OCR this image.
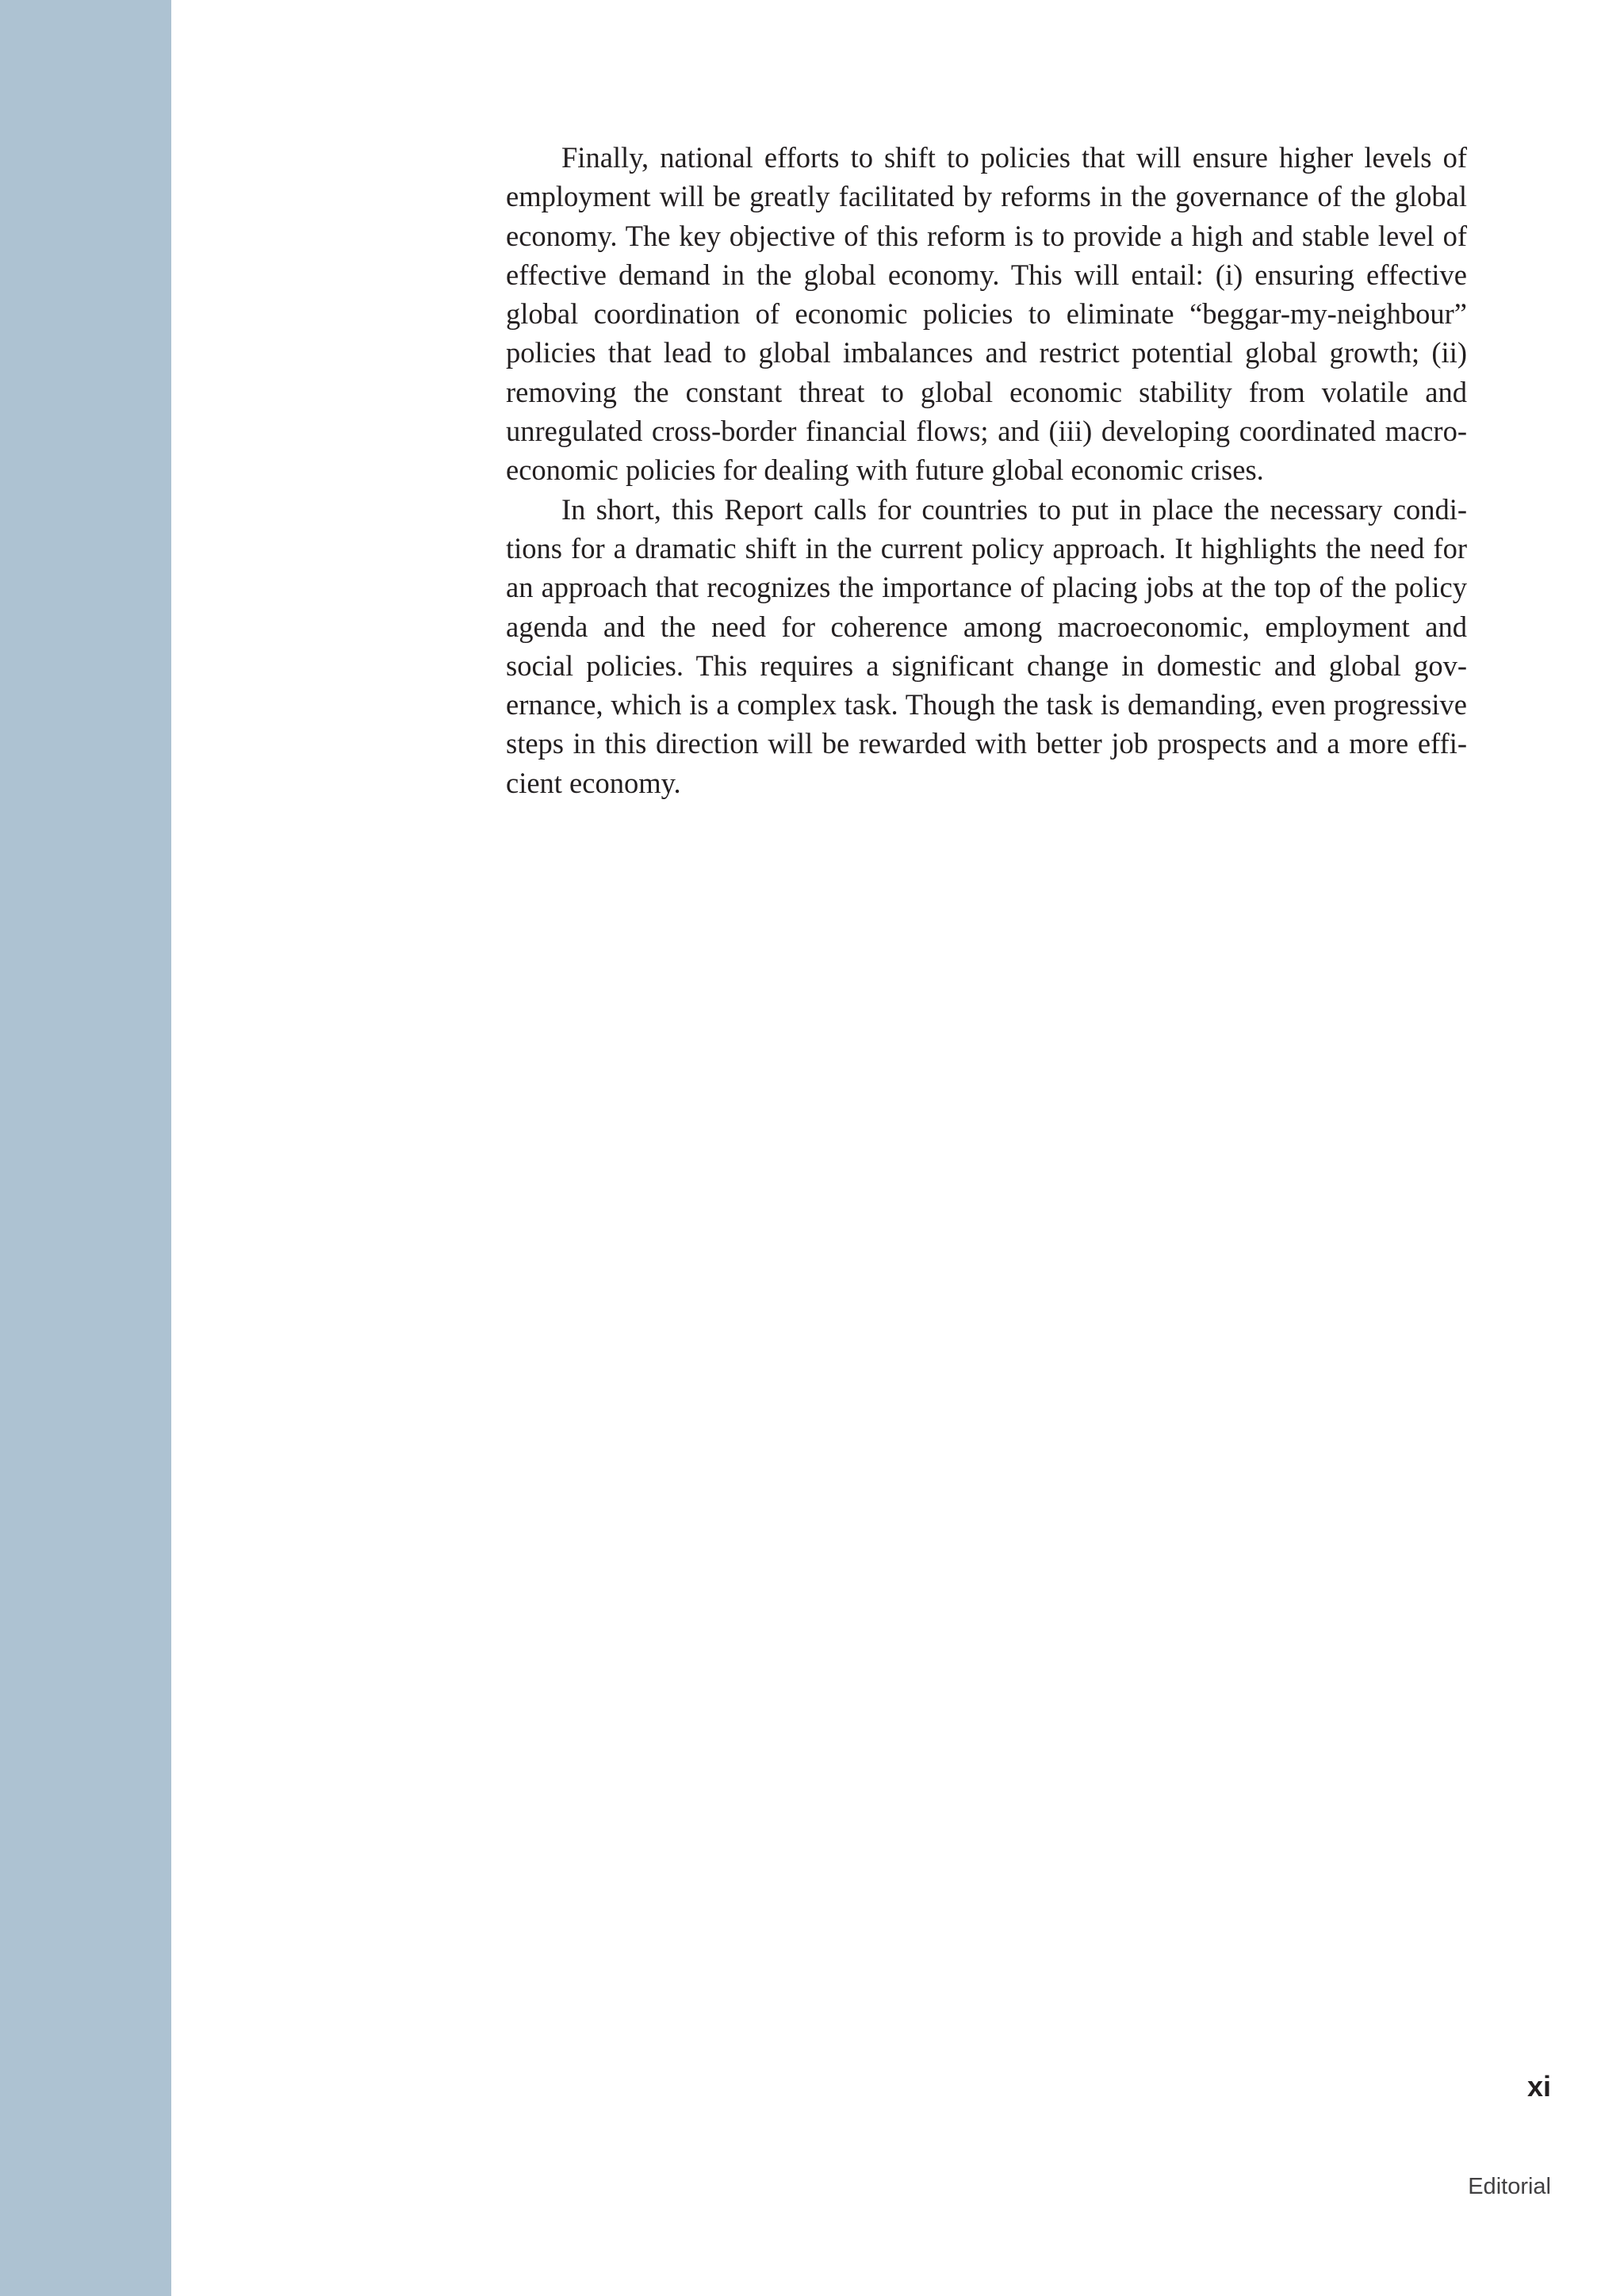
Finally, national efforts to shift to policies that will ensure higher levels of employment will be greatly facilitated by reforms in the governance of the global economy. The key objective of this reform is to provide a high and stable level of effective demand in the global economy. This will entail: (i) ensuring effective global coordination of economic policies to eliminate “beggar-my-neighbour” policies that lead to global imbalances and restrict potential global growth; (ii) removing the constant threat to global economic stability from volatile and unregulated cross-border financial flows; and (iii) developing coordinated macroeconomic policies for dealing with future global economic crises.

In short, this Report calls for countries to put in place the necessary conditions for a dramatic shift in the current policy approach. It highlights the need for an approach that recognizes the importance of placing jobs at the top of the policy agenda and the need for coherence among macroeconomic, employment and social policies. This requires a significant change in domestic and global governance, which is a complex task. Though the task is demanding, even progressive steps in this direction will be rewarded with better job prospects and a more efficient economy.

xi
Editorial
